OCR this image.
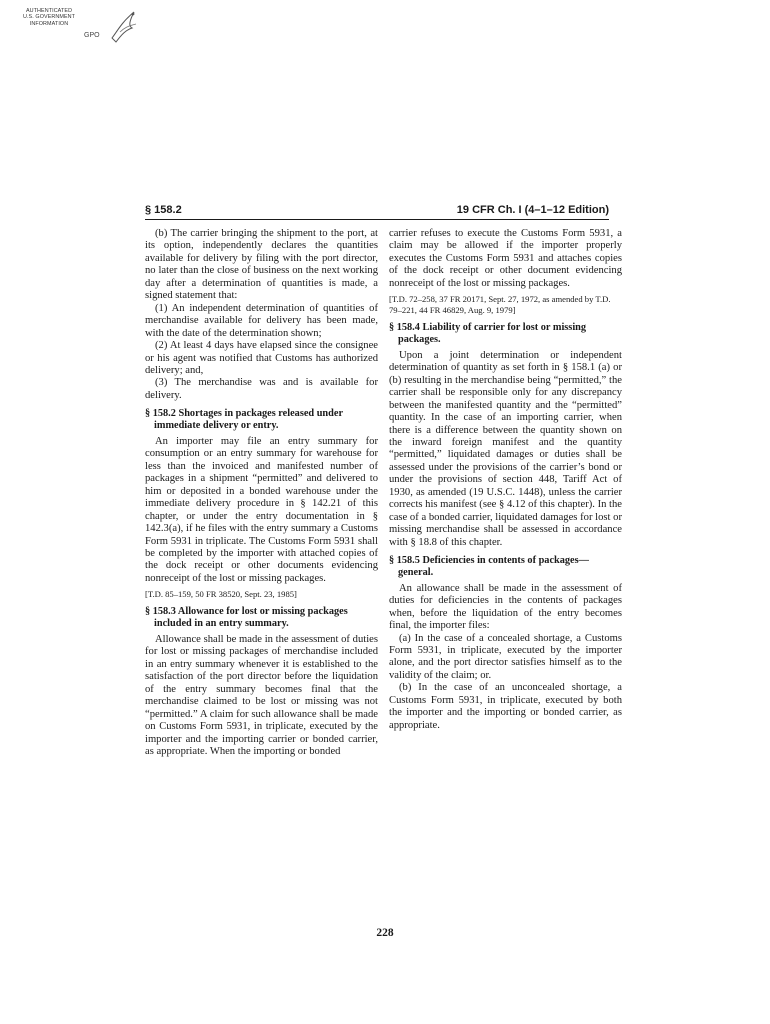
AUTHENTICATED
U.S. GOVERNMENT
INFORMATION
GPO
§ 158.2	19 CFR Ch. I (4–1–12 Edition)

(b) The carrier bringing the shipment to the port, at its option, independently declares the quantities available for delivery by filing with the port director, no later than the close of business on the next working day after a determination of quantities is made, a signed statement that:

(1) An independent determination of quantities of merchandise available for delivery has been made, with the date of the determination shown;

(2) At least 4 days have elapsed since the consignee or his agent was notified that Customs has authorized delivery; and,

(3) The merchandise was and is available for delivery.

§ 158.2 Shortages in packages released under immediate delivery or entry.

An importer may file an entry summary for consumption or an entry summary for warehouse for less than the invoiced and manifested number of packages in a shipment “permitted” and delivered to him or deposited in a bonded warehouse under the immediate delivery procedure in § 142.21 of this chapter, or under the entry documentation in § 142.3(a), if he files with the entry summary a Customs Form 5931 in triplicate. The Customs Form 5931 shall be completed by the importer with attached copies of the dock receipt or other documents evidencing nonreceipt of the lost or missing packages.

[T.D. 85–159, 50 FR 38520, Sept. 23, 1985]

§ 158.3 Allowance for lost or missing packages included in an entry summary.

Allowance shall be made in the assessment of duties for lost or missing packages of merchandise included in an entry summary whenever it is established to the satisfaction of the port director before the liquidation of the entry summary becomes final that the merchandise claimed to be lost or missing was not “permitted.” A claim for such allowance shall be made on Customs Form 5931, in triplicate, executed by the importer and the importing carrier or bonded carrier, as appropriate. When the importing or bonded

carrier refuses to execute the Customs Form 5931, a claim may be allowed if the importer properly executes the Customs Form 5931 and attaches copies of the dock receipt or other document evidencing nonreceipt of the lost or missing packages.

[T.D. 72–258, 37 FR 20171, Sept. 27, 1972, as amended by T.D. 79–221, 44 FR 46829, Aug. 9, 1979]

§ 158.4 Liability of carrier for lost or missing packages.

Upon a joint determination or independent determination of quantity as set forth in § 158.1 (a) or (b) resulting in the merchandise being “permitted,” the carrier shall be responsible only for any discrepancy between the manifested quantity and the “permitted” quantity. In the case of an importing carrier, when there is a difference between the quantity shown on the inward foreign manifest and the quantity “permitted,” liquidated damages or duties shall be assessed under the provisions of the carrier’s bond or under the provisions of section 448, Tariff Act of 1930, as amended (19 U.S.C. 1448), unless the carrier corrects his manifest (see § 4.12 of this chapter). In the case of a bonded carrier, liquidated damages for lost or missing merchandise shall be assessed in accordance with § 18.8 of this chapter.

§ 158.5 Deficiencies in contents of packages—general.

An allowance shall be made in the assessment of duties for deficiencies in the contents of packages when, before the liquidation of the entry becomes final, the importer files:

(a) In the case of a concealed shortage, a Customs Form 5931, in triplicate, executed by the importer alone, and the port director satisfies himself as to the validity of the claim; or.

(b) In the case of an unconcealed shortage, a Customs Form 5931, in triplicate, executed by both the importer and the importing or bonded carrier, as appropriate.

228
